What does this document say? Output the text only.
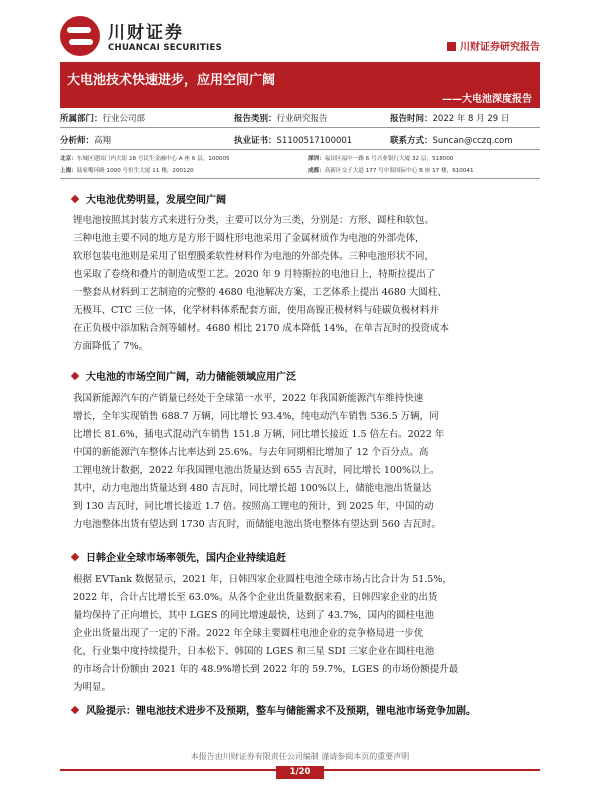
川财证券
CHUANCAI SECURITIES	川财证券研究报告
大电池技术快速进步，应用空间广阔
——大电池深度报告
所属部门：行业公司部	报告类别：行业研究报告	报告时间：2022 年 8 月 29 日
分析师：高翔	执业证书：S1100517100001	联系方式：Suncan@cczq.com
北京：东城区建国门内大街 28 号民生金融中心 A 座 6 层，100005	深圳：福田区福中一路 6 号兴业银行大厦 32 层，518000
上海：陆家嘴环路 1000 号恒生大厦 11 楼，200120	成都：高新区交子大道 177 号中海国际中心 B 座 17 楼，610041
大电池优势明显，发展空间广阔
锂电池按照其封装方式来进行分类，主要可以分为三类，分别是：方形、圆柱和软包。
三种电池主要不同的地方是方形于圆柱形电池采用了金属材质作为电池的外部壳体，
软形包装电池则是采用了铝塑膜柔软性材料作为电池的外部壳体。三种电池形状不同，
也采取了卷绕和叠片的制造成型工艺。2020 年 9 月特斯拉的电池日上，特斯拉提出了
一整套从材料到工艺制造的完整的 4680 电池解决方案，工艺体系上提出 4680 大圆柱、
无极耳、CTC 三位一体，化学材料体系配套方面，使用高镍正极材料与硅碳负极材料并
在正负极中添加粘合剂等辅材。4680 相比 2170 成本降低 14%，在单吉瓦时的投资成本
方面降低了 7%。
大电池的市场空间广阔，动力储能领域应用广泛
我国新能源汽车的产销量已经处于全球第一水平，2022 年我国新能源汽车维持快速
增长，全年实现销售 688.7 万辆，同比增长 93.4%，纯电动汽车销售 536.5 万辆，同
比增长 81.6%，插电式混动汽车销售 151.8 万辆，同比增长接近 1.5 倍左右。2022 年
中国的新能源汽车整体占比率达到 25.6%。与去年同期相比增加了 12 个百分点。高
工锂电统计数据，2022 年我国锂电池出货量达到 655 吉瓦时，同比增长 100%以上。
其中，动力电池出货量达到 480 吉瓦时，同比增长超 100%以上，储能电池出货量达
到 130 吉瓦时，同比增长接近 1.7 倍。按照高工锂电的预计，到 2025 年，中国的动
力电池整体出货有望达到 1730 吉瓦时，而储能电池出货电整体有望达到 560 吉瓦时。
日韩企业全球市场率领先，国内企业持续追赶
根据 EVTank 数据显示，2021 年，日韩四家企业圆柱电池全球市场占比合计为 51.5%，
2022 年，合计占比增长至 63.0%。从各个企业出货量数据来看，日韩四家企业的出货
量均保持了正向增长，其中 LGES 的同比增速最快，达到了 43.7%，国内的圆柱电池
企业出货量出现了一定的下滑。2022 年全球主要圆柱电池企业的竞争格局进一步优
化，行业集中度持续提升，日本松下、韩国的 LGES 和三星 SDI 三家企业在圆柱电池
的市场合计份额由 2021 年的 48.9%增长到 2022 年的 59.7%，LGES 的市场份额提升最
为明显。
风险提示：锂电池技术进步不及预期，整车与储能需求不及预期，锂电池市场竞争加剧。
本报告由川财证券有限责任公司编制 谨请参阅本页的重要声明
1/20
